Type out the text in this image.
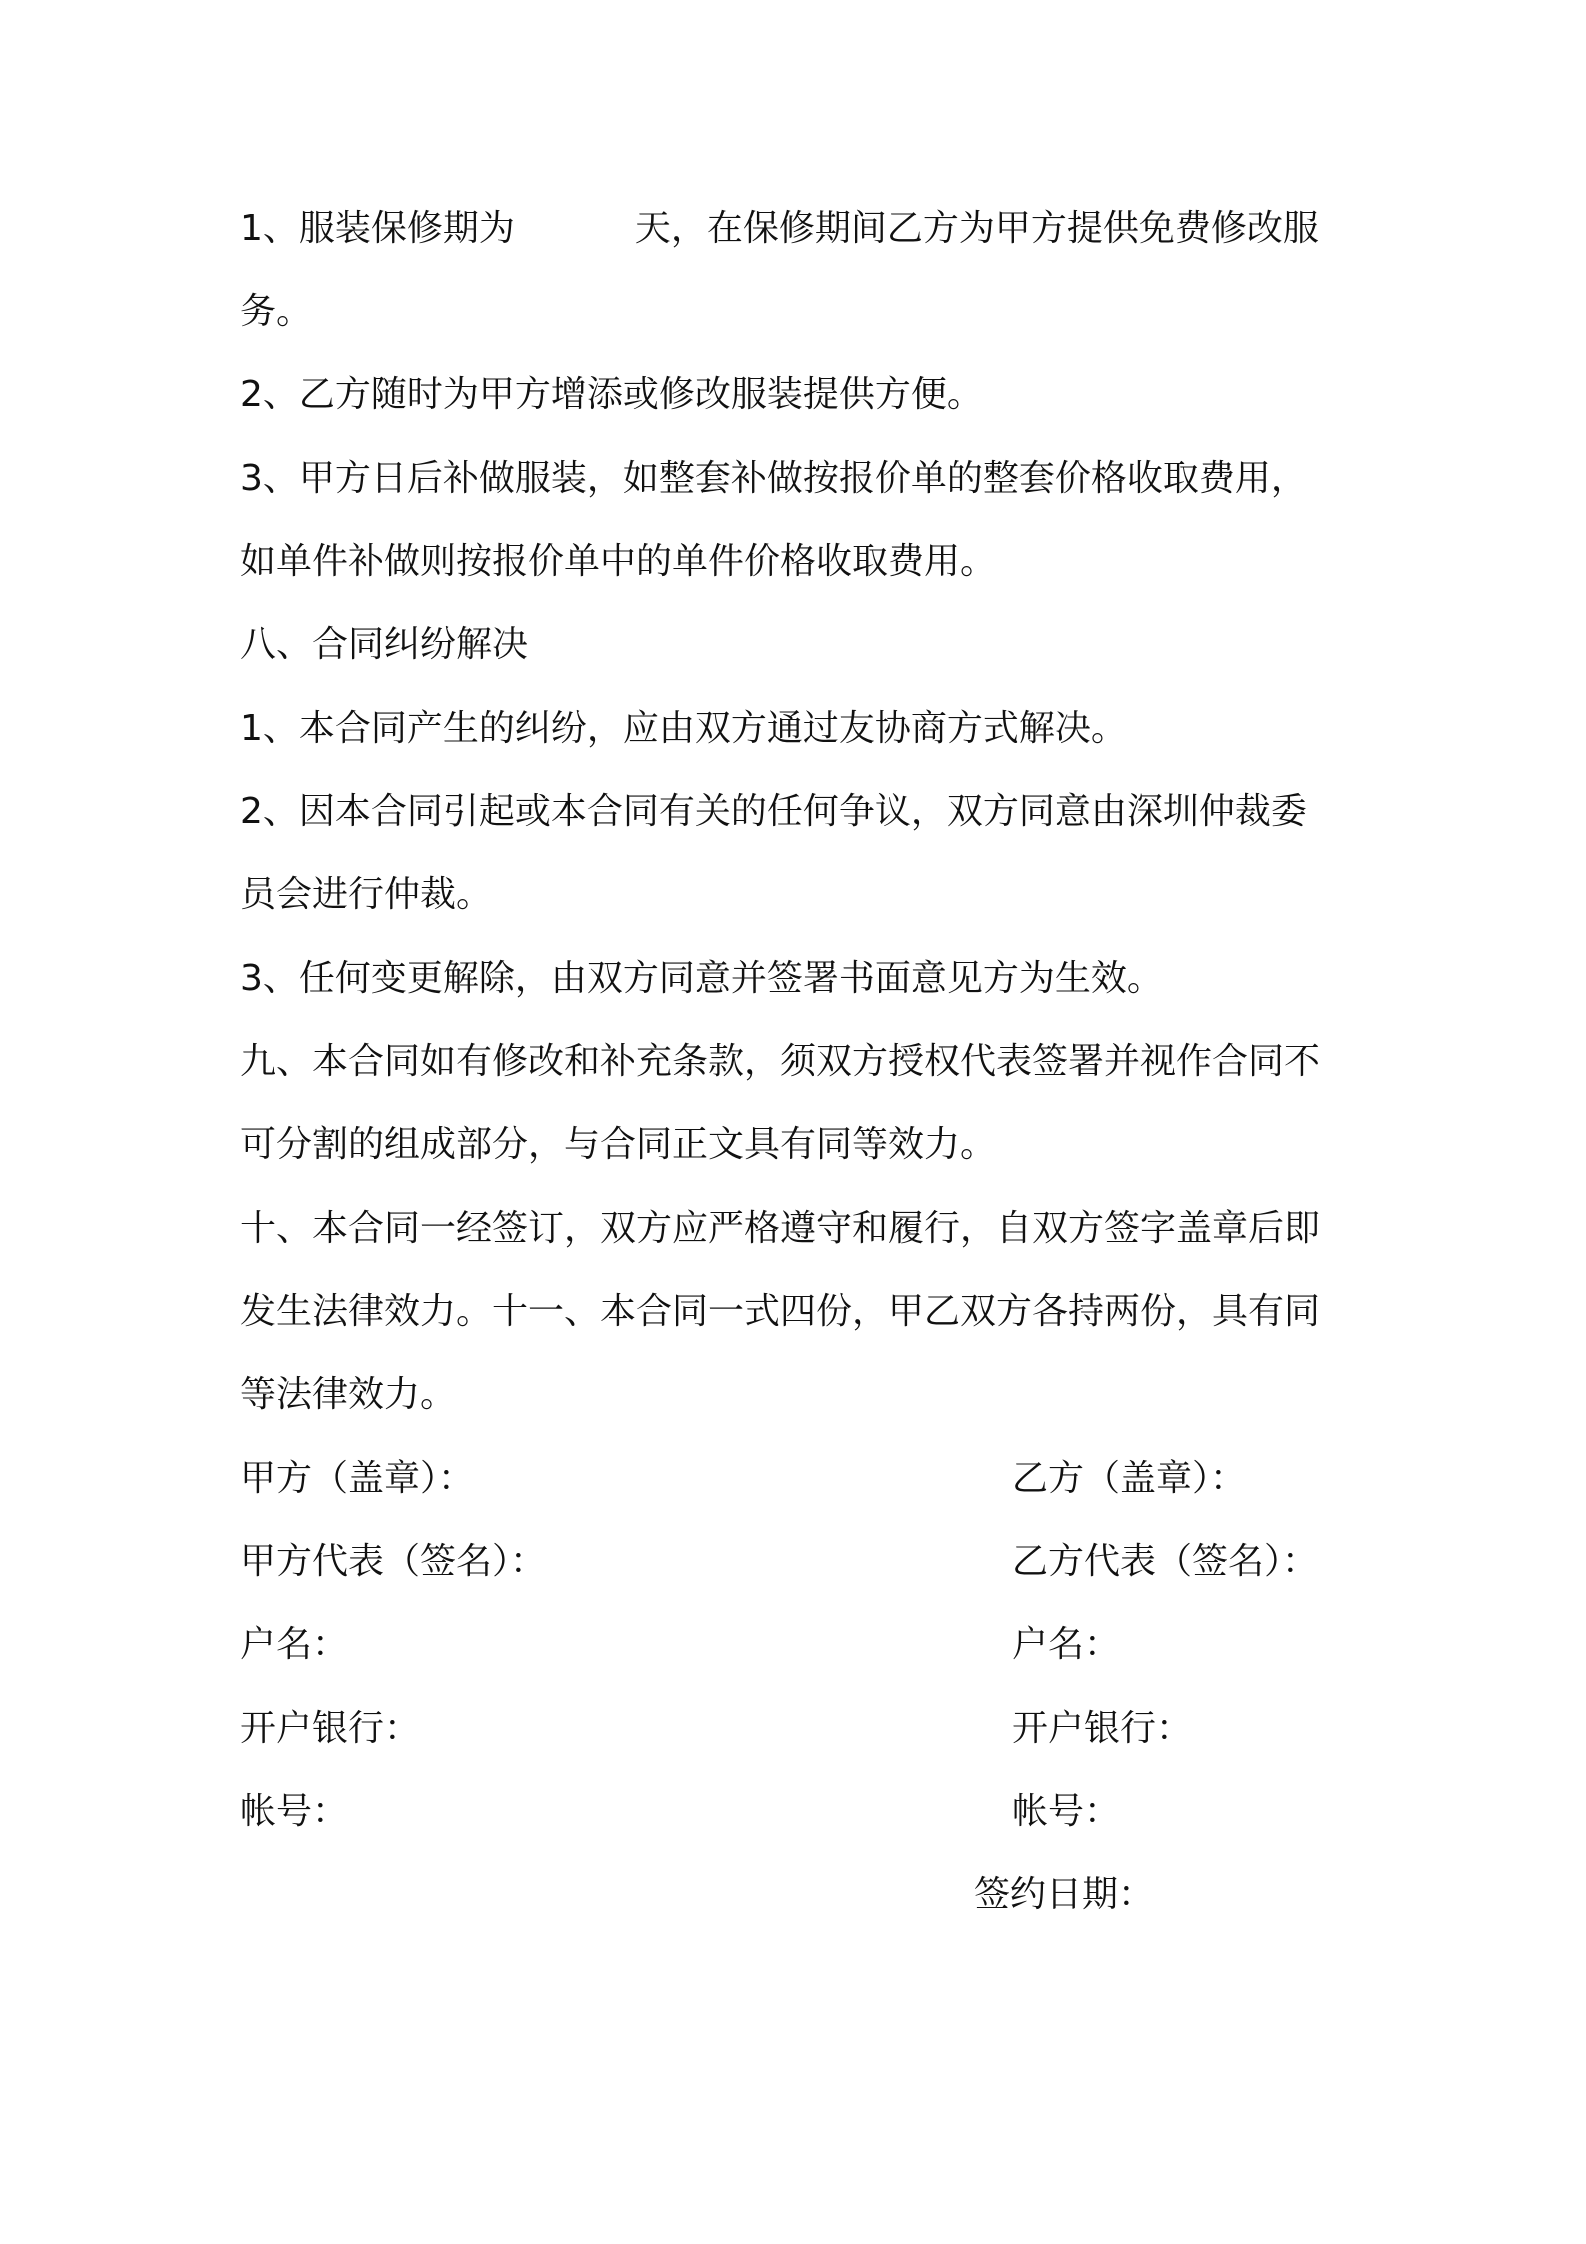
1、服装保修期为	天，在保修期间乙方为甲方提供免费修改服
务。
2、乙方随时为甲方增添或修改服装提供方便。
3、甲方日后补做服装，如整套补做按报价单的整套价格收取费用，
如单件补做则按报价单中的单件价格收取费用。
八、合同纠纷解决
1、本合同产生的纠纷，应由双方通过友协商方式解决。
2、因本合同引起或本合同有关的任何争议，双方同意由深圳仲裁委
员会进行仲裁。
3、任何变更解除，由双方同意并签署书面意见方为生效。
九、本合同如有修改和补充条款，须双方授权代表签署并视作合同不
可分割的组成部分，与合同正文具有同等效力。
十、本合同一经签订，双方应严格遵守和履行，自双方签字盖章后即
发生法律效力。十一、本合同一式四份，甲乙双方各持两份，具有同
等法律效力。
甲方（盖章）：	乙方（盖章）：
甲方代表（签名）：	乙方代表（签名）：
户名：	户名：
开户银行：	开户银行：
帐号：	帐号：
签约日期：
